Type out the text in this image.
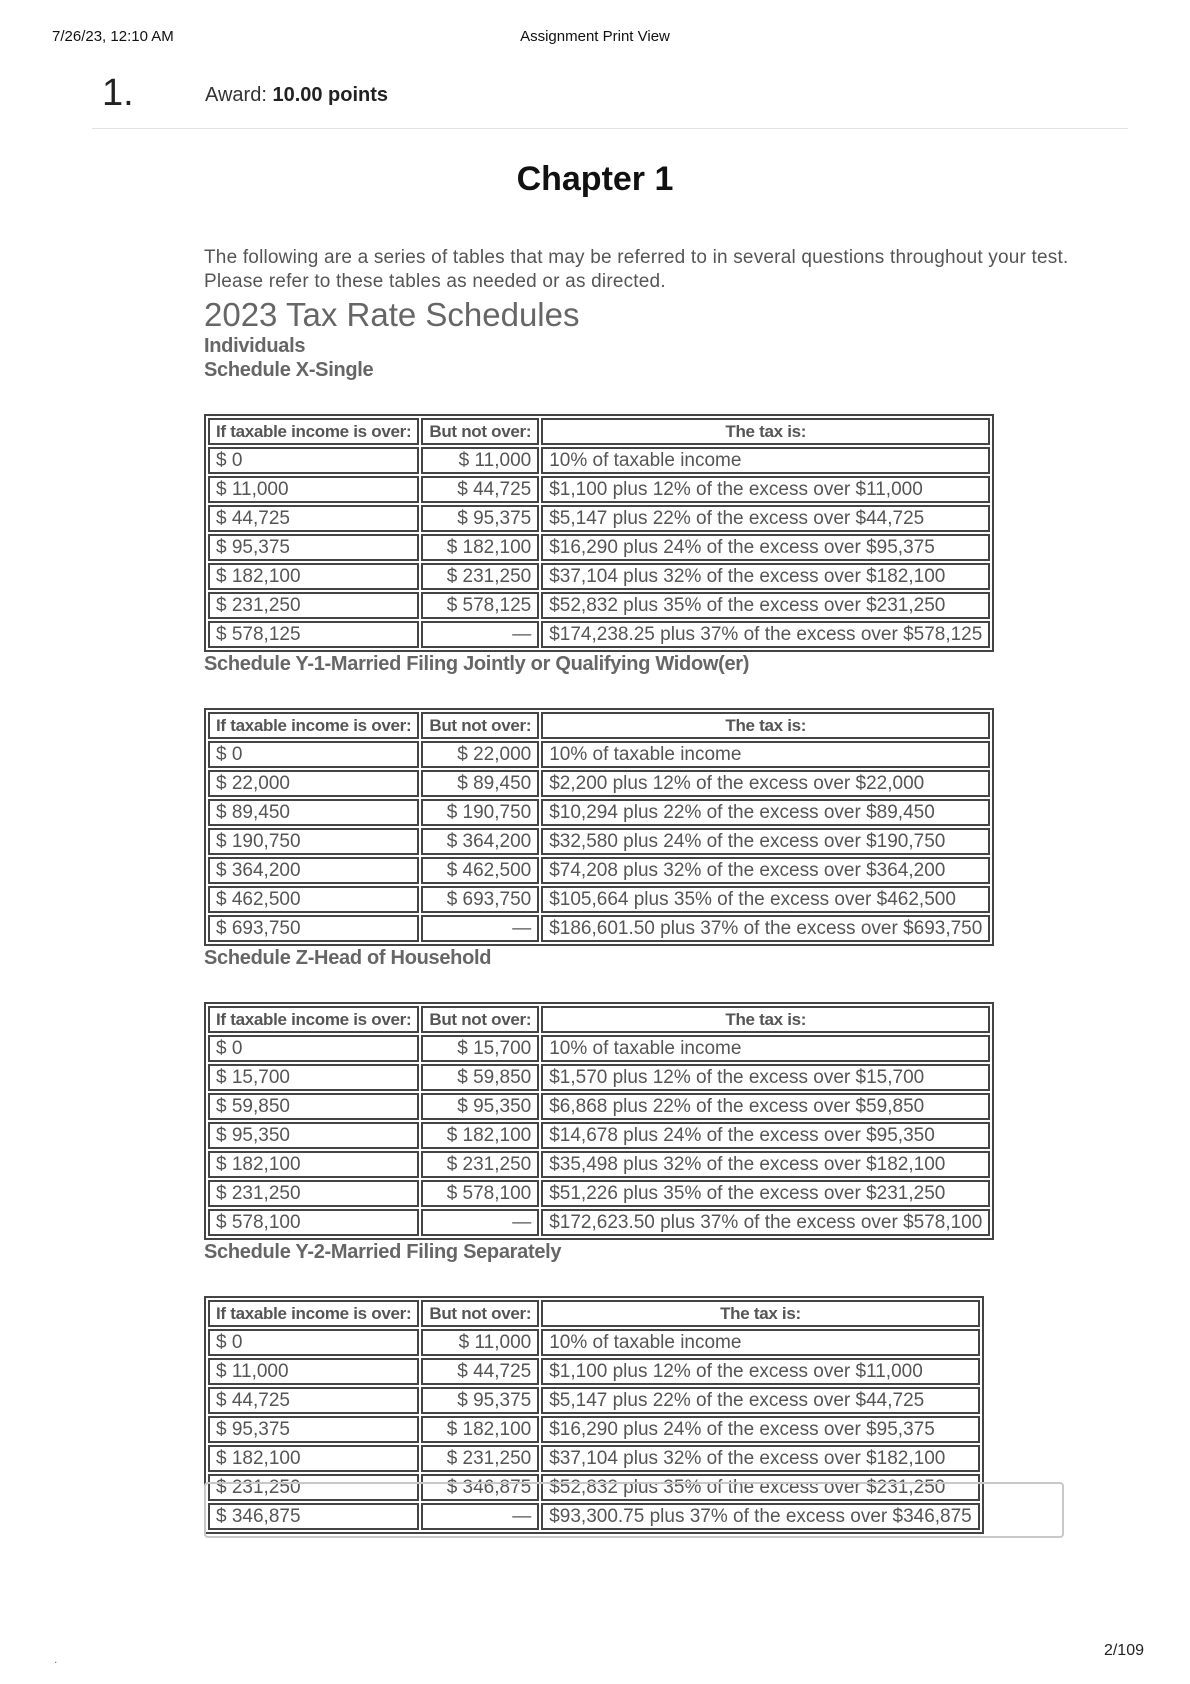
7/26/23, 12:10 AM	Assignment Print View
1.	Award: 10.00 points
Chapter 1

The following are a series of tables that may be referred to in several questions throughout your test. Please refer to these tables as needed or as directed.

2023 Tax Rate Schedules
Individuals
Schedule X-Single
If taxable income is over:	But not over:	The tax is:
$ 0	$ 11,000	10% of taxable income
$ 11,000	$ 44,725	$1,100 plus 12% of the excess over $11,000
$ 44,725	$ 95,375	$5,147 plus 22% of the excess over $44,725
$ 95,375	$ 182,100	$16,290 plus 24% of the excess over $95,375
$ 182,100	$ 231,250	$37,104 plus 32% of the excess over $182,100
$ 231,250	$ 578,125	$52,832 plus 35% of the excess over $231,250
$ 578,125	—	$174,238.25 plus 37% of the excess over $578,125
Schedule Y-1-Married Filing Jointly or Qualifying Widow(er)
If taxable income is over:	But not over:	The tax is:
$ 0	$ 22,000	10% of taxable income
$ 22,000	$ 89,450	$2,200 plus 12% of the excess over $22,000
$ 89,450	$ 190,750	$10,294 plus 22% of the excess over $89,450
$ 190,750	$ 364,200	$32,580 plus 24% of the excess over $190,750
$ 364,200	$ 462,500	$74,208 plus 32% of the excess over $364,200
$ 462,500	$ 693,750	$105,664 plus 35% of the excess over $462,500
$ 693,750	—	$186,601.50 plus 37% of the excess over $693,750
Schedule Z-Head of Household
If taxable income is over:	But not over:	The tax is:
$ 0	$ 15,700	10% of taxable income
$ 15,700	$ 59,850	$1,570 plus 12% of the excess over $15,700
$ 59,850	$ 95,350	$6,868 plus 22% of the excess over $59,850
$ 95,350	$ 182,100	$14,678 plus 24% of the excess over $95,350
$ 182,100	$ 231,250	$35,498 plus 32% of the excess over $182,100
$ 231,250	$ 578,100	$51,226 plus 35% of the excess over $231,250
$ 578,100	—	$172,623.50 plus 37% of the excess over $578,100
Schedule Y-2-Married Filing Separately
If taxable income is over:	But not over:	The tax is:
$ 0	$ 11,000	10% of taxable income
$ 11,000	$ 44,725	$1,100 plus 12% of the excess over $11,000
$ 44,725	$ 95,375	$5,147 plus 22% of the excess over $44,725
$ 95,375	$ 182,100	$16,290 plus 24% of the excess over $95,375
$ 182,100	$ 231,250	$37,104 plus 32% of the excess over $182,100
$ 231,250	$ 346,875	$52,832 plus 35% of the excess over $231,250
$ 346,875	—	$93,300.75 plus 37% of the excess over $346,875
.	2/109
